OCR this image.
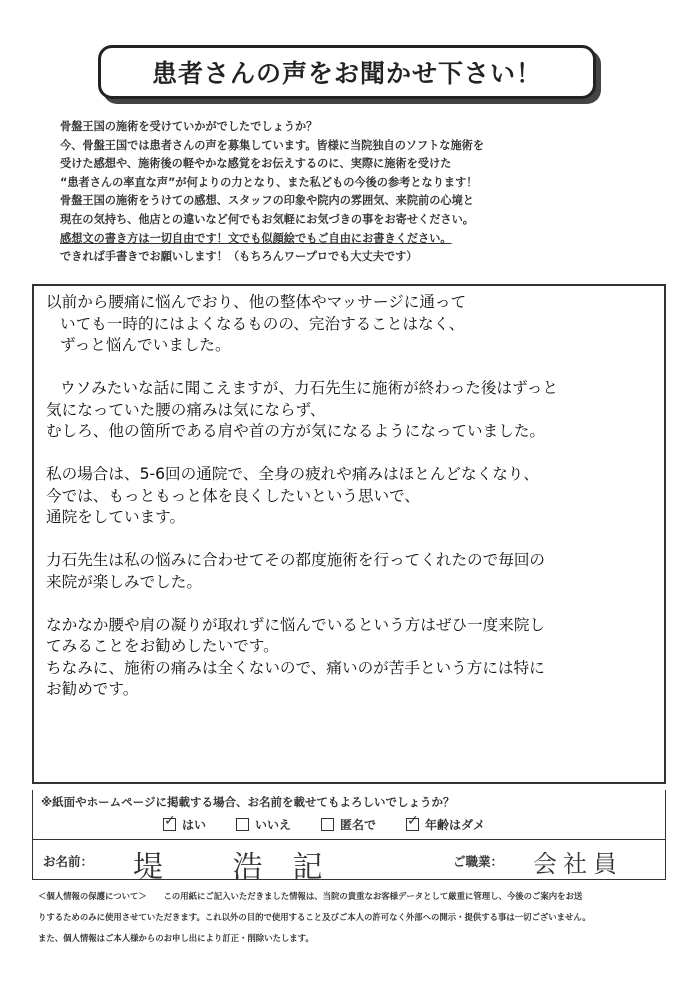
患者さんの声をお聞かせ下さい！
骨盤王国の施術を受けていかがでしたでしょうか？
今、骨盤王国では患者さんの声を募集しています。皆様に当院独自のソフトな施術を
受けた感想や、施術後の軽やかな感覚をお伝えするのに、実際に施術を受けた
“患者さんの率直な声”が何よりの力となり、また私どもの今後の参考となります！
骨盤王国の施術をうけての感想、スタッフの印象や院内の雰囲気、来院前の心境と
現在の気持ち、他店との違いなど何でもお気軽にお気づきの事をお寄せください。
感想文の書き方は一切自由です！文でも似顔絵でもご自由にお書きください。
できれば手書きでお願いします！（もちろんワープロでも大丈夫です）
以前から腰痛に悩んでおり、他の整体やマッサージに通って
いても一時的にはよくなるものの、完治することはなく、
ずっと悩んでいました。
ウソみたいな話に聞こえますが、力石先生に施術が終わった後はずっと
気になっていた腰の痛みは気にならず、
むしろ、他の箇所である肩や首の方が気になるようになっていました。
私の場合は、5-6回の通院で、全身の疲れや痛みはほとんどなくなり、
今では、もっともっと体を良くしたいという思いで、
通院をしています。
力石先生は私の悩みに合わせてその都度施術を行ってくれたので毎回の
来院が楽しみでした。
なかなか腰や肩の凝りが取れずに悩んでいるという方はぜひ一度来院し
てみることをお勧めしたいです。
ちなみに、施術の痛みは全くないので、痛いのが苦手という方には特に
お勧めです。
※紙面やホームページに掲載する場合、お名前を載せてもよろしいでしょうか？
✓ はい	いいえ	匿名で ✓ 年齢はダメ
お名前： 堤 浩記	ご職業： 会社員
＜個人情報の保護について＞　　この用紙にご記入いただきました情報は、当院の貴重なお客様データとして厳重に管理し、今後のご案内をお送
りするためのみに使用させていただきます。これ以外の目的で使用すること及びご本人の許可なく外部への開示・提供する事は一切ございません。
また、個人情報はご本人様からのお申し出により訂正・削除いたします。
